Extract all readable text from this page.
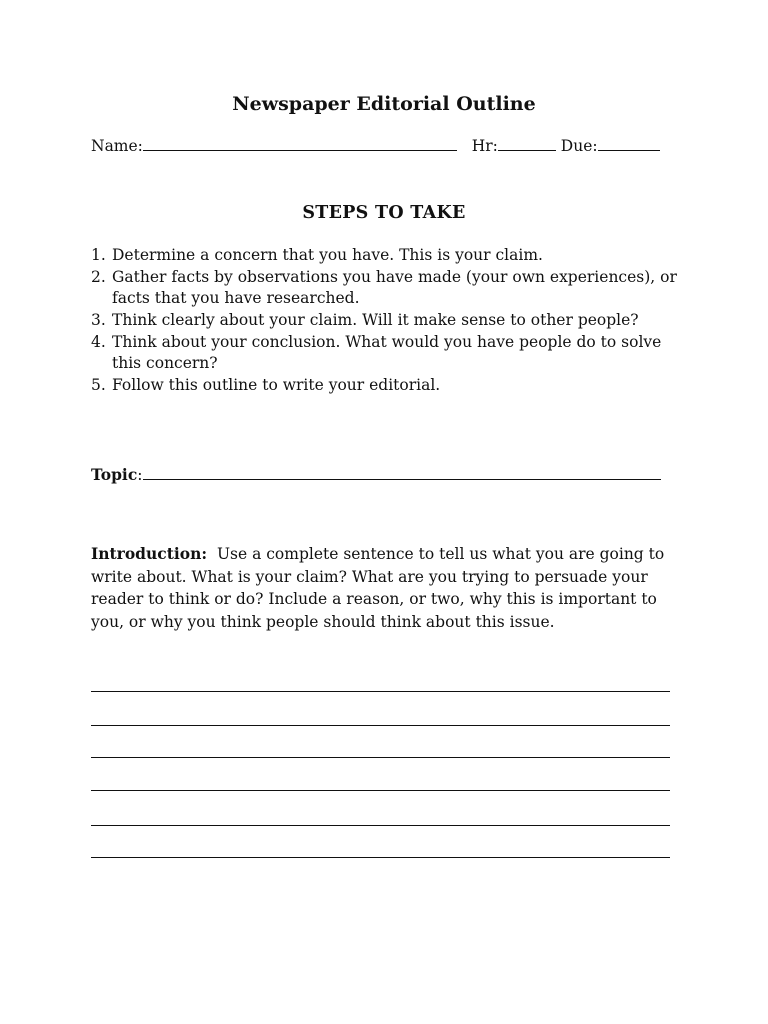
Newspaper Editorial Outline
Name:	Hr:	Due:
STEPS TO TAKE
1. Determine a concern that you have. This is your claim.
2. Gather facts by observations you have made (your own experiences), or facts that you have researched.
3. Think clearly about your claim. Will it make sense to other people?
4. Think about your conclusion. What would you have people do to solve this concern?
5. Follow this outline to write your editorial.
Topic:

Introduction: Use a complete sentence to tell us what you are going to write about. What is your claim? What are you trying to persuade your reader to think or do? Include a reason, or two, why this is important to you, or why you think people should think about this issue.
